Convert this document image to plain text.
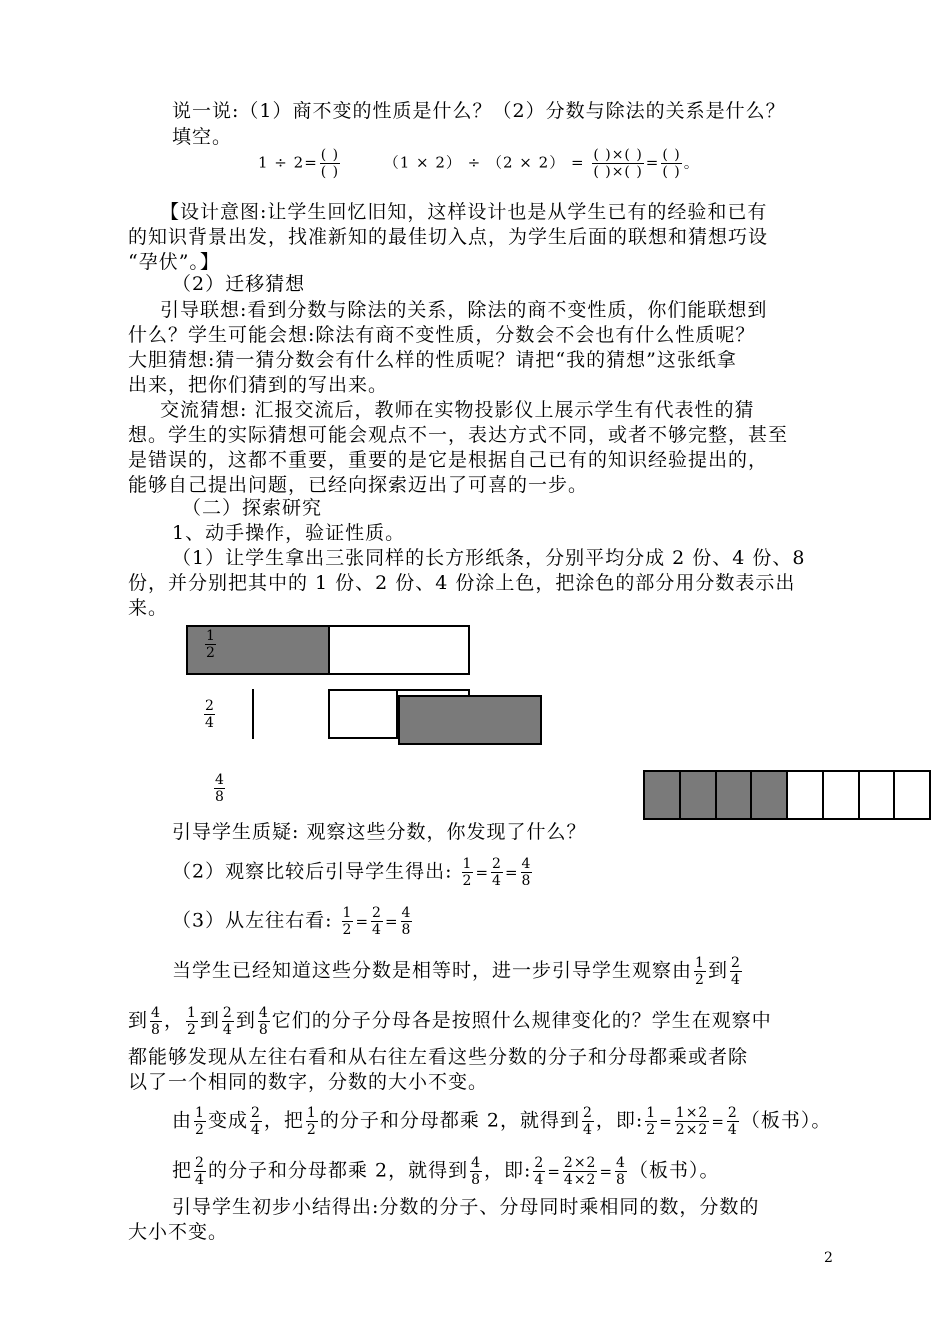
说一说:（1）商不变的性质是什么？（2）分数与除法的关系是什么？
填空。
$1 \div 2= \frac{( )}{( )}$	$(1 \times 2) \div (2 \times 2) = \frac{( )\times( )}{( )\times( )} = \frac{( )}{( )}$ 。
【设计意图:让学生回忆旧知，这样设计也是从学生已有的经验和已有
的知识背景出发，找准新知的最佳切入点，为学生后面的联想和猜想巧设
“孕伏”。】
（2）迁移猜想
引导联想:看到分数与除法的关系，除法的商不变性质，你们能联想到
什么？学生可能会想:除法有商不变性质，分数会不会也有什么性质呢？
大胆猜想:猜一猜分数会有什么样的性质呢？请把“我的猜想”这张纸拿
出来，把你们猜到的写出来。
交流猜想: 汇报交流后，教师在实物投影仪上展示学生有代表性的猜
想。学生的实际猜想可能会观点不一，表达方式不同，或者不够完整，甚至
是错误的，这都不重要，重要的是它是根据自己已有的知识经验提出的，
能够自己提出问题，已经向探索迈出了可喜的一步。
（二）探索研究
1、动手操作，验证性质。
（1）让学生拿出三张同样的长方形纸条，分别平均分成 2 份、4 份、8
份，并分别把其中的 1 份、2 份、4 份涂上色，把涂色的部分用分数表示出
来。
$\frac{1}{2}$
$\frac{2}{4}$
$\frac{4}{8}$
引导学生质疑: 观察这些分数，你发现了什么？
（2）观察比较后引导学生得出: $\frac{1}{2} = \frac{2}{4} = \frac{4}{8}$
（3）从左往右看: $\frac{1}{2} = \frac{2}{4} = \frac{4}{8}$
当学生已经知道这些分数是相等时，进一步引导学生观察由 $\frac{1}{2}$ 到 $\frac{2}{4}$
到 $\frac{4}{8}$ ， $\frac{1}{2}$ 到 $\frac{2}{4}$ 到 $\frac{4}{8}$ 它们的分子分母各是按照什么规律变化的？学生在观察中
都能够发现从左往右看和从右往左看这些分数的分子和分母都乘或者除
以了一个相同的数字，分数的大小不变。
由 $\frac{1}{2}$ 变成 $\frac{2}{4}$ ，把 $\frac{1}{2}$ 的分子和分母都乘 2，就得到 $\frac{2}{4}$ ，即: $\frac{1}{2} = \frac{1\times 2}{2\times 2} = \frac{2}{4}$ （板书）。
把 $\frac{2}{4}$ 的分子和分母都乘 2，就得到 $\frac{4}{8}$ ，即: $\frac{2}{4} = \frac{2\times 2}{4\times 2} = \frac{4}{8}$ （板书）。
引导学生初步小结得出:分数的分子、分母同时乘相同的数，分数的
大小不变。
2
